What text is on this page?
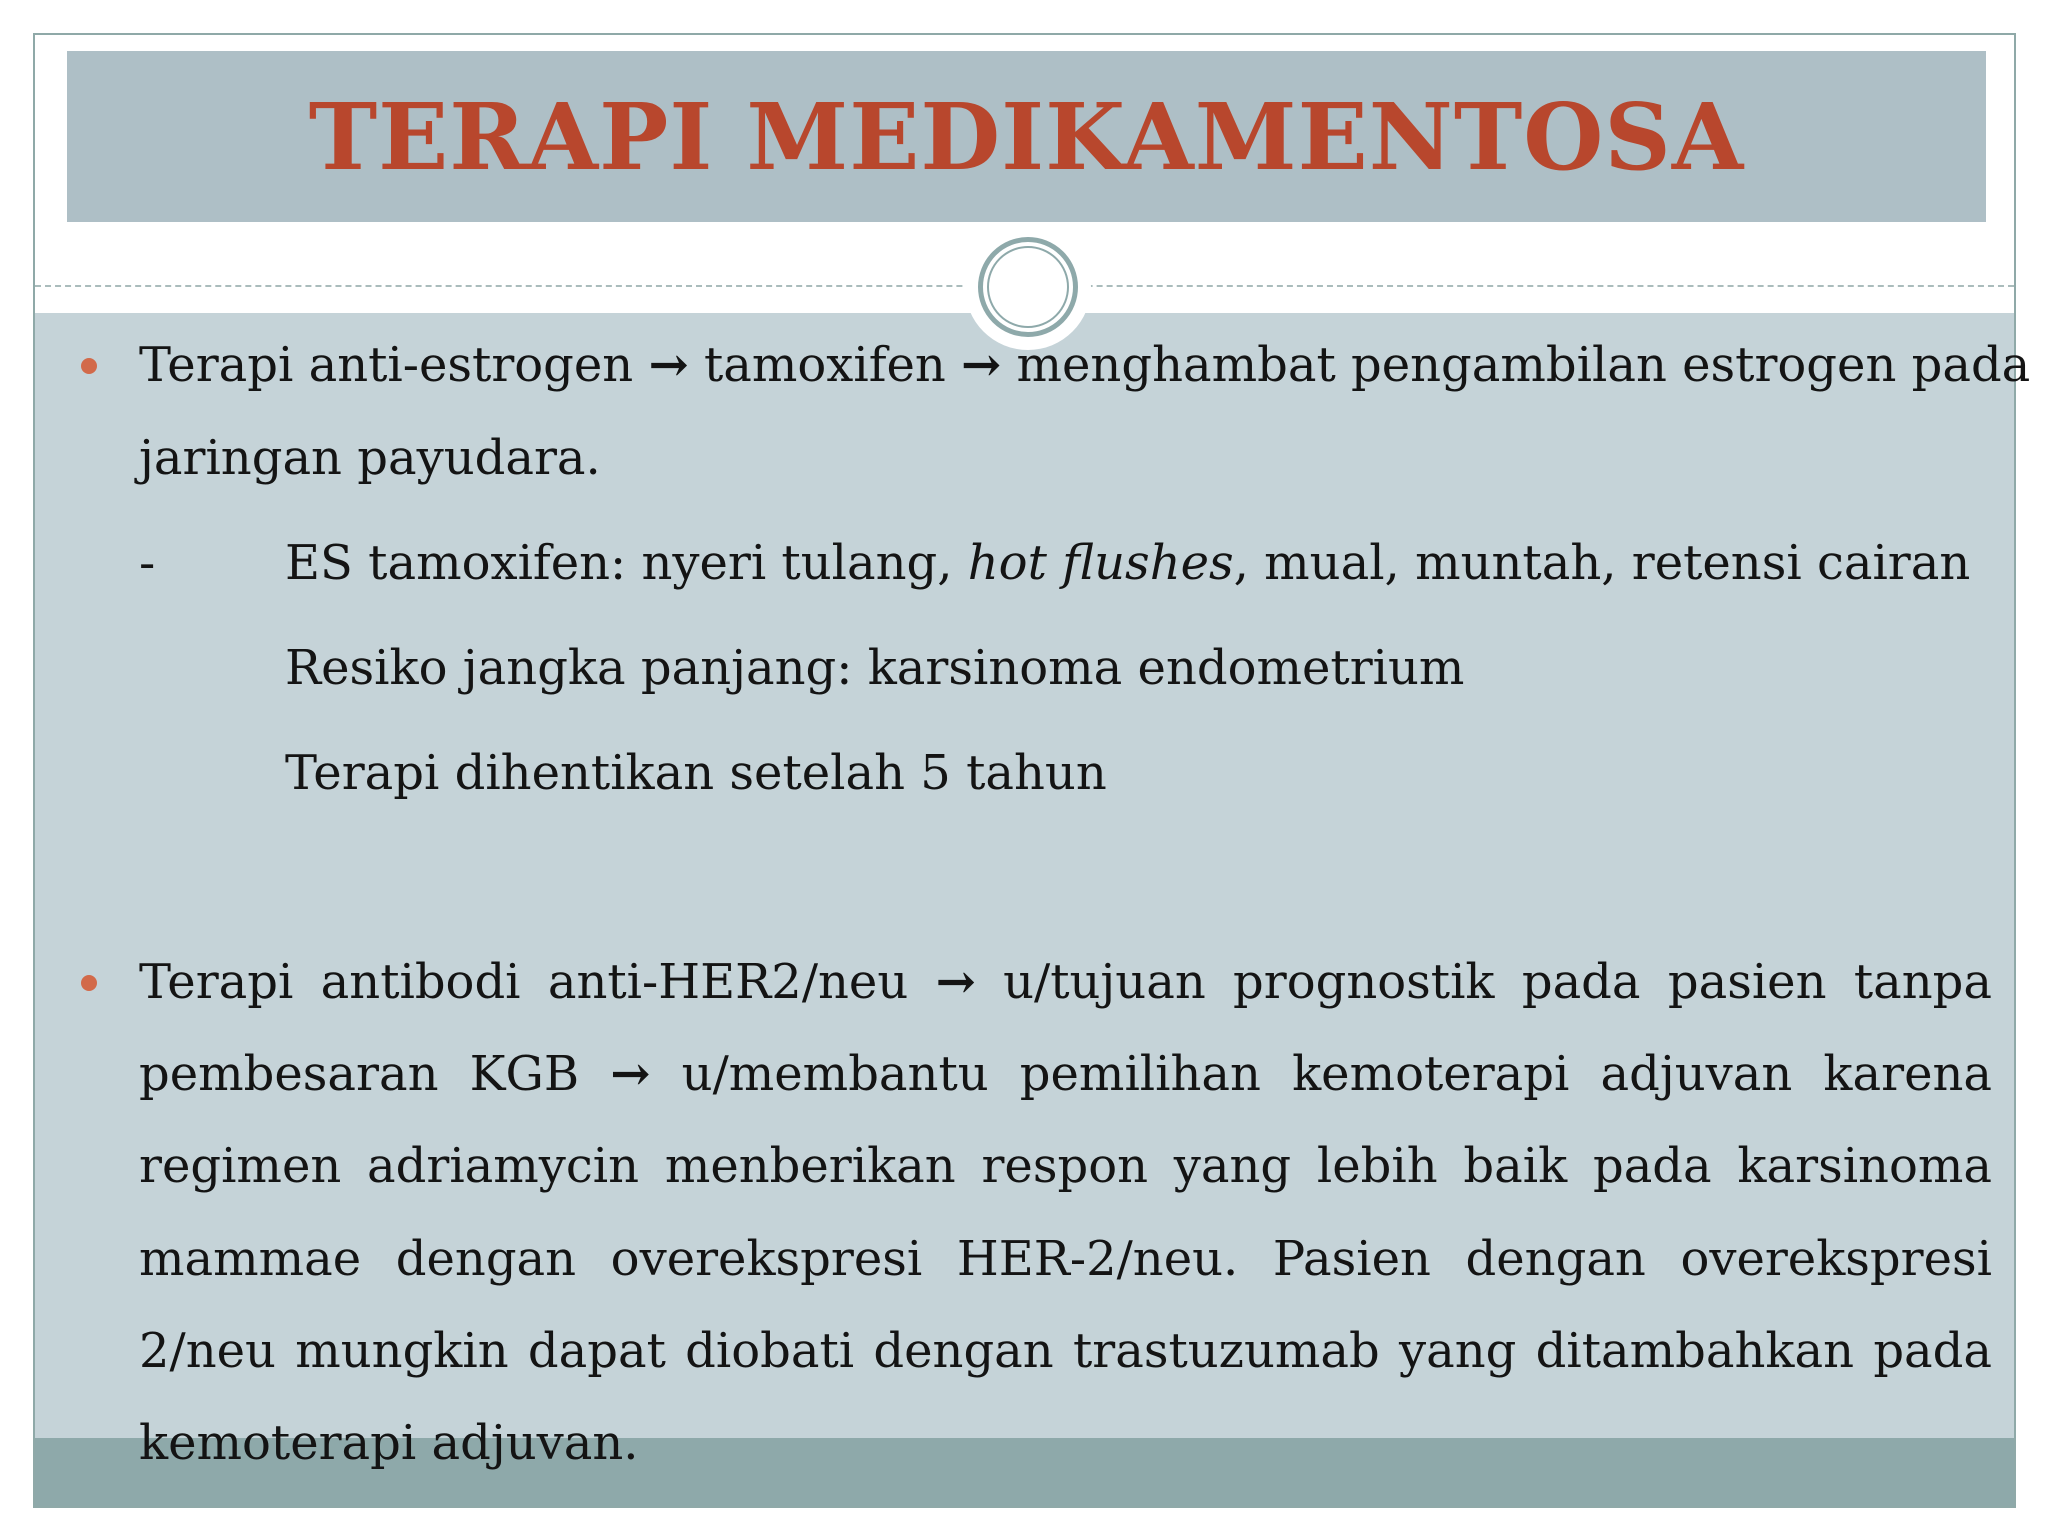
TERAPI MEDIKAMENTOSA
Terapi anti-estrogen → tamoxifen → menghambat pengambilan estrogen pada
jaringan payudara.
-	ES tamoxifen: nyeri tulang, hot flushes, mual, muntah, retensi cairan
Resiko jangka panjang: karsinoma endometrium
Terapi dihentikan setelah 5 tahun
Terapi antibodi anti-HER2/neu → u/tujuan prognostik pada pasien tanpa
pembesaran KGB → u/membantu pemilihan kemoterapi adjuvan karena
regimen adriamycin menberikan respon yang lebih baik pada karsinoma
mammae dengan overekspresi HER-2/neu. Pasien dengan overekspresi
2/neu mungkin dapat diobati dengan trastuzumab yang ditambahkan pada
kemoterapi adjuvan.
